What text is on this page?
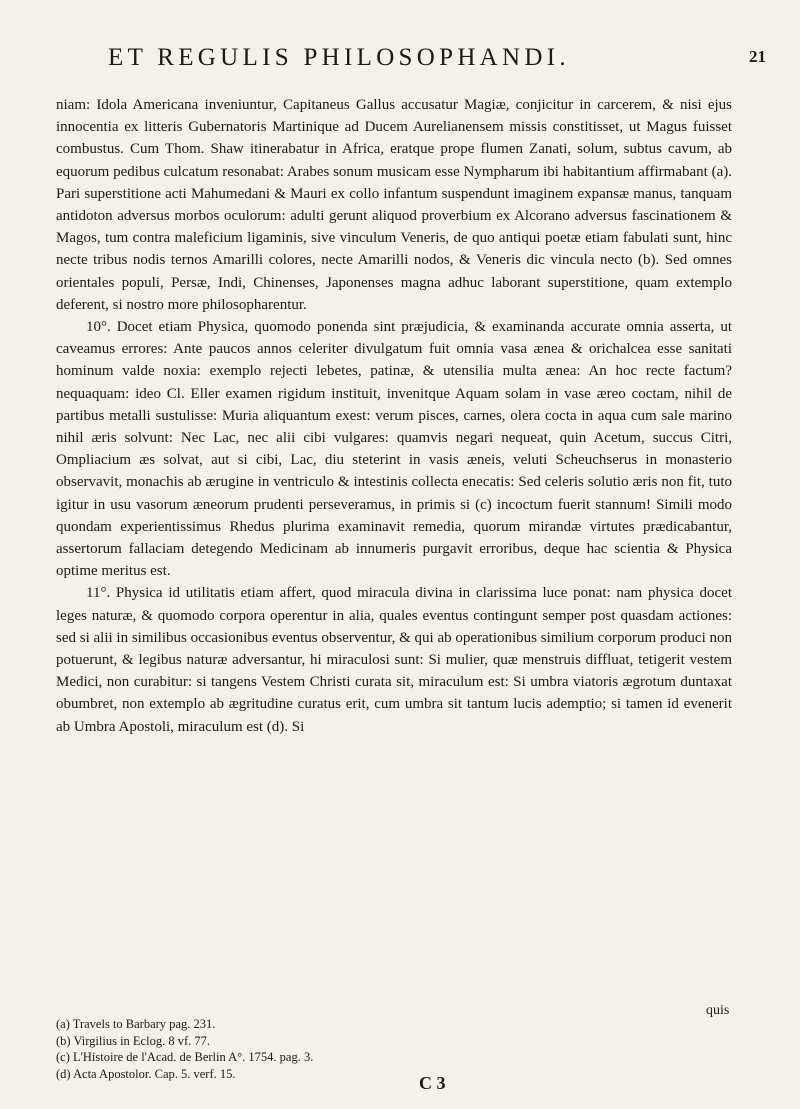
ET REGULIS PHILOSOPHANDI.	21

niam: Idola Americana inveniuntur, Capitaneus Gallus accusatur Magiæ, conjicitur in carcerem, & nisi ejus innocentia ex litteris Gubernatoris Martinique ad Ducem Aurelianensem missis constitisset, ut Magus fuisset combustus. Cum Thom. Shaw itinerabatur in Africa, eratque prope flumen Zanati, solum, subtus cavum, ab equorum pedibus culcatum resonabat: Arabes sonum musicam esse Nympharum ibi habitantium affirmabant (a). Pari superstitione acti Mahumedani & Mauri ex collo infantum suspendunt imaginem expansæ manus, tanquam antidoton adversus morbos oculorum: adulti gerunt aliquod proverbium ex Alcorano adversus fascinationem & Magos, tum contra maleficium ligaminis, sive vinculum Veneris, de quo antiqui poetæ etiam fabulati sunt, hinc necte tribus nodis ternos Amarilli colores, necte Amarilli nodos, & Veneris dic vincula necto (b). Sed omnes orientales populi, Persæ, Indi, Chinenses, Japonenses magna adhuc laborant superstitione, quam extemplo deferent, si nostro more philosopharentur.

10°. Docet etiam Physica, quomodo ponenda sint præjudicia, & examinanda accurate omnia asserta, ut caveamus errores: Ante paucos annos celeriter divulgatum fuit omnia vasa ænea & orichalcea esse sanitati hominum valde noxia: exemplo rejecti lebetes, patinæ, & utensilia multa ænea: An hoc recte factum? nequaquam: ideo Cl. Eller examen rigidum instituit, invenitque Aquam solam in vase æreo coctam, nihil de partibus metalli sustulisse: Muria aliquantum exest: verum pisces, carnes, olera cocta in aqua cum sale marino nihil æris solvunt: Nec Lac, nec alii cibi vulgares: quamvis negari nequeat, quin Acetum, succus Citri, Ompliacium æs solvat, aut si cibi, Lac, diu steterint in vasis æneis, veluti Scheuchserus in monasterio observavit, monachis ab ærugine in ventriculo & intestinis collecta enecatis: Sed celeris solutio æris non fit, tuto igitur in usu vasorum æneorum prudenti perseveramus, in primis si (c) incoctum fuerit stannum! Simili modo quondam experientissimus Rhedus plurima examinavit remedia, quorum mirandæ virtutes prædicabantur, assertorum fallaciam detegendo Medicinam ab innumeris purgavit erroribus, deque hac scientia & Physica optime meritus est.

11°. Physica id utilitatis etiam affert, quod miracula divina in clarissima luce ponat: nam physica docet leges naturæ, & quomodo corpora operentur in alia, quales eventus contingunt semper post quasdam actiones: sed si alii in similibus occasionibus eventus observentur, & qui ab operationibus similium corporum produci non potuerunt, & legibus naturæ adversantur, hi miraculosi sunt: Si mulier, quæ menstruis diffluat, tetigerit vestem Medici, non curabitur: si tangens Vestem Christi curata sit, miraculum est: Si umbra viatoris ægrotum duntaxat obumbret, non extemplo ab ægritudine curatus erit, cum umbra sit tantum lucis ademptio; si tamen id evenerit ab Umbra Apostoli, miraculum est (d). Si

quis
(a) Travels to Barbary pag. 231.
(b) Virgilius in Eclog. 8 vf. 77.
(c) L'Histoire de l'Acad. de Berlin A°. 1754. pag. 3.
(d) Acta Apostolor. Cap. 5. verf. 15.	C 3
